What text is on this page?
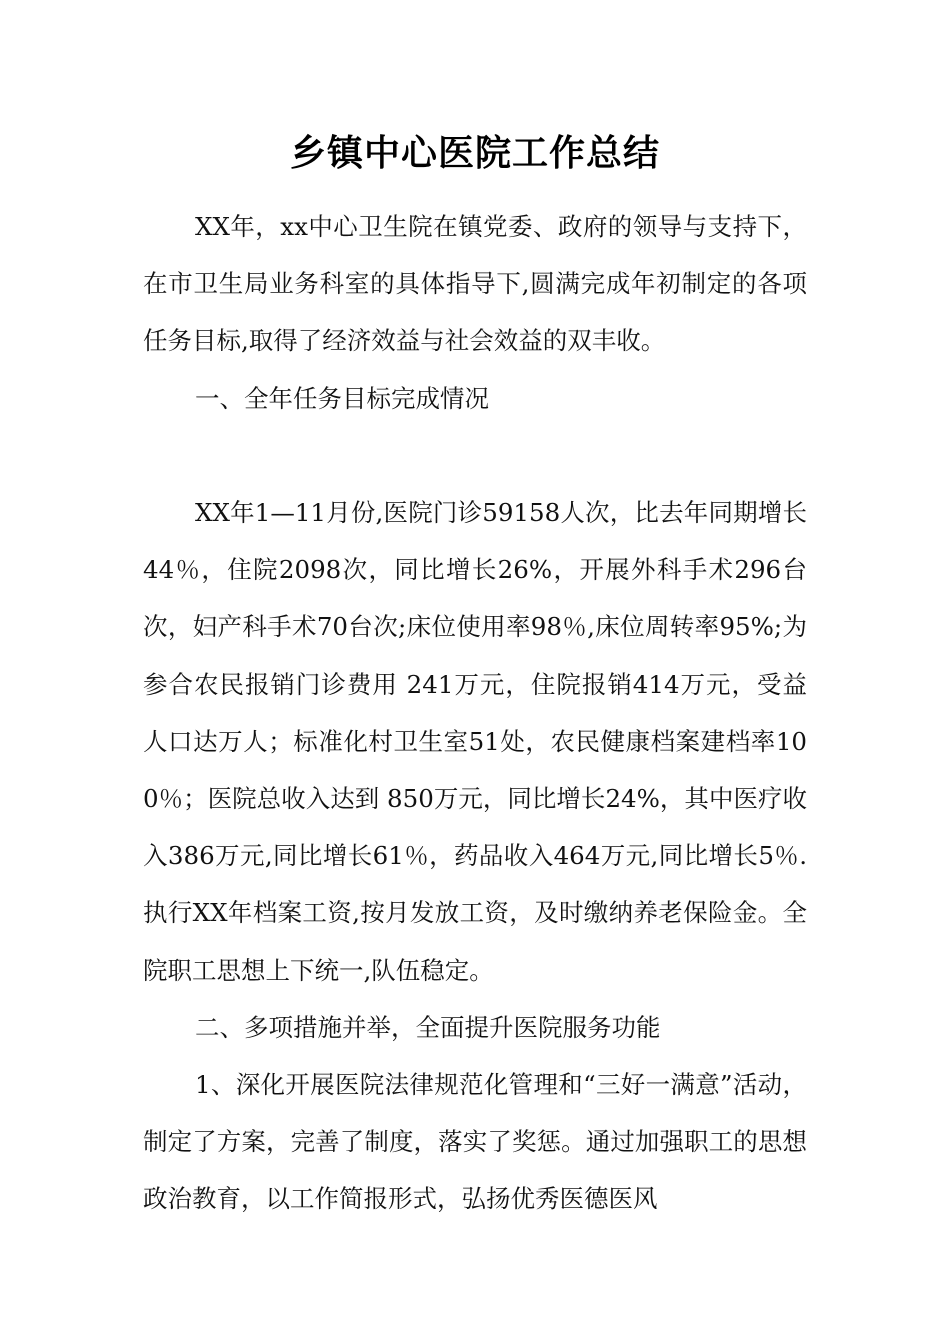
乡镇中心医院工作总结

XX年，xx中心卫生院在镇党委、政府的领导与支持下，在市卫生局业务科室的具体指导下,圆满完成年初制定的各项任务目标,取得了经济效益与社会效益的双丰收。

一、全年任务目标完成情况

XX年1—11月份,医院门诊59158人次，比去年同期增长44％，住院2098次，同比增长26%，开展外科手术296台次，妇产科手术70台次;床位使用率98％,床位周转率95%;为参合农民报销门诊费用 241万元，住院报销414万元，受益人口达万人；标准化村卫生室51处，农民健康档案建档率100％；医院总收入达到 850万元，同比增长24%，其中医疗收入386万元,同比增长61％，药品收入464万元,同比增长5％.执行XX年档案工资,按月发放工资，及时缴纳养老保险金。全院职工思想上下统一,队伍稳定。

二、多项措施并举，全面提升医院服务功能

1、深化开展医院法律规范化管理和“三好一满意”活动，制定了方案，完善了制度，落实了奖惩。通过加强职工的思想政治教育，以工作简报形式，弘扬优秀医德医风
